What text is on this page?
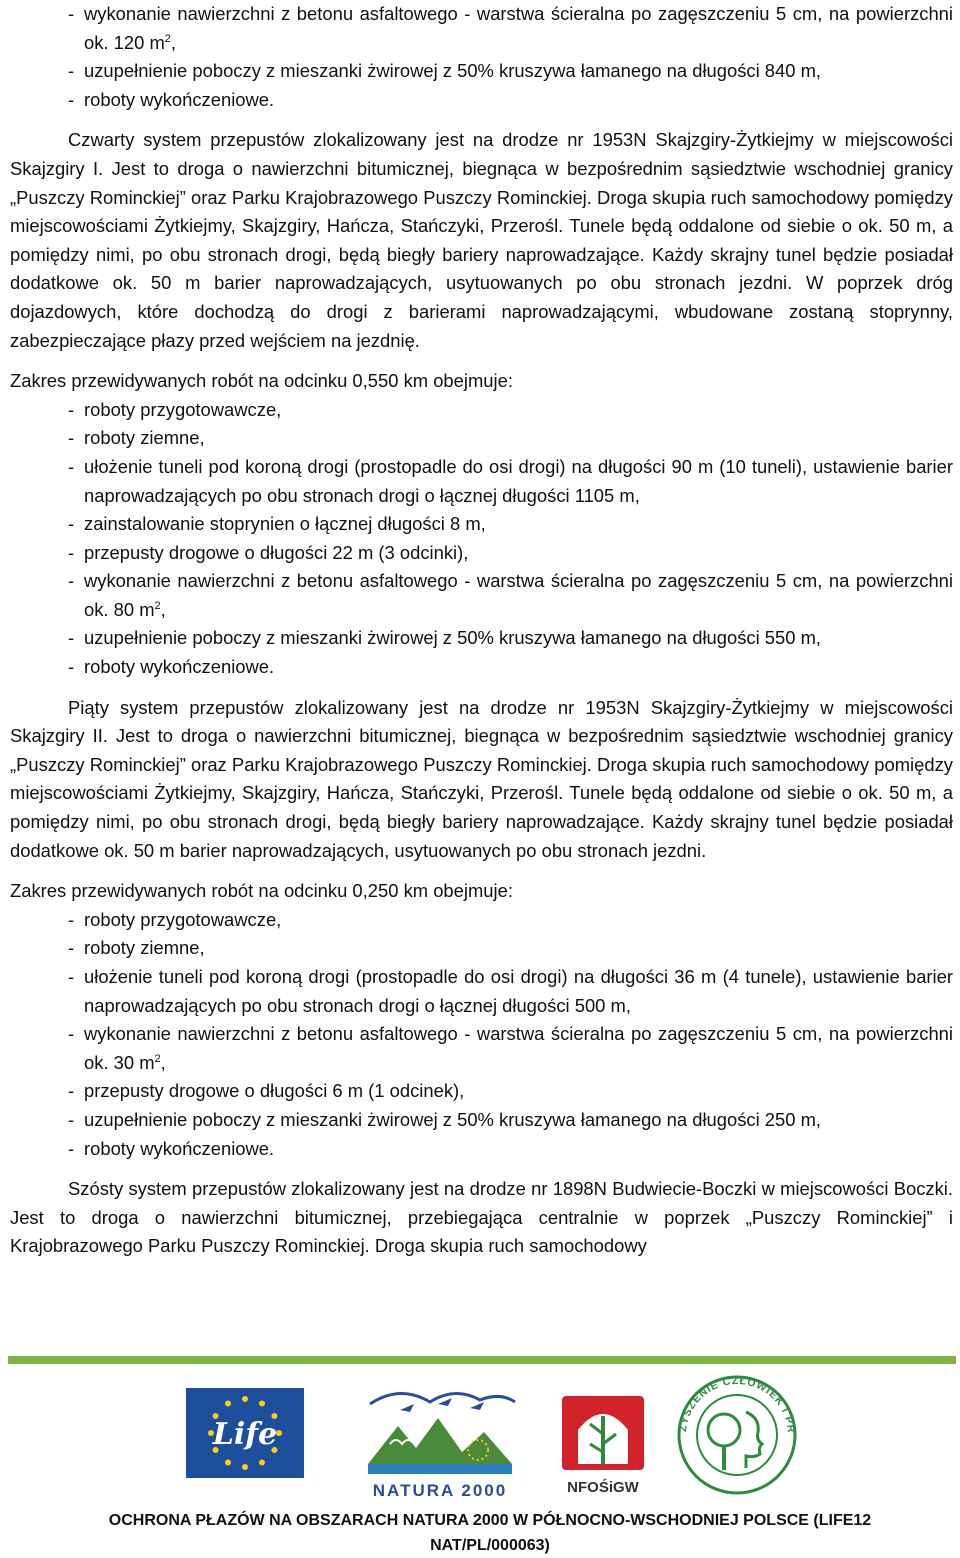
- wykonanie nawierzchni z betonu asfaltowego - warstwa ścieralna po zagęszczeniu 5 cm, na powierzchni ok. 120 $m^2$,
- uzupełnienie poboczy z mieszanki żwirowej z 50% kruszywa łamanego na długości 840 m,
- roboty wykończeniowe.

Czwarty system przepustów zlokalizowany jest na drodze nr 1953N Skajzgiry-Żytkiejmy w miejscowości Skajzgiry I. Jest to droga o nawierzchni bitumicznej, biegnąca w bezpośrednim sąsiedztwie wschodniej granicy „Puszczy Rominckiej” oraz Parku Krajobrazowego Puszczy Rominckiej. Droga skupia ruch samochodowy pomiędzy miejscowościami Żytkiejmy, Skajzgiry, Hańcza, Stańczyki, Przerośl. Tunele będą oddalone od siebie o ok. 50 m, a pomiędzy nimi, po obu stronach drogi, będą biegły bariery naprowadzające. Każdy skrajny tunel będzie posiadał dodatkowe ok. 50 m barier naprowadzających, usytuowanych po obu stronach jezdni. W poprzek dróg dojazdowych, które dochodzą do drogi z barierami naprowadzającymi, wbudowane zostaną stoprynny, zabezpieczające płazy przed wejściem na jezdnię.

Zakres przewidywanych robót na odcinku 0,550 km obejmuje:

- roboty przygotowawcze,
- roboty ziemne,
- ułożenie tuneli pod koroną drogi (prostopadle do osi drogi) na długości 90 m (10 tuneli), ustawienie barier naprowadzających po obu stronach drogi o łącznej długości 1105 m,
- zainstalowanie stoprynien o łącznej długości 8 m,
- przepusty drogowe o długości 22 m (3 odcinki),
- wykonanie nawierzchni z betonu asfaltowego - warstwa ścieralna po zagęszczeniu 5 cm, na powierzchni ok. 80 $m^2$,
- uzupełnienie poboczy z mieszanki żwirowej z 50% kruszywa łamanego na długości 550 m,
- roboty wykończeniowe.

Piąty system przepustów zlokalizowany jest na drodze nr 1953N Skajzgiry-Żytkiejmy w miejscowości Skajzgiry II. Jest to droga o nawierzchni bitumicznej, biegnąca w bezpośrednim sąsiedztwie wschodniej granicy „Puszczy Rominckiej” oraz Parku Krajobrazowego Puszczy Rominckiej. Droga skupia ruch samochodowy pomiędzy miejscowościami Żytkiejmy, Skajzgiry, Hańcza, Stańczyki, Przerośl. Tunele będą oddalone od siebie o ok. 50 m, a pomiędzy nimi, po obu stronach drogi, będą biegły bariery naprowadzające. Każdy skrajny tunel będzie posiadał dodatkowe ok. 50 m barier naprowadzających, usytuowanych po obu stronach jezdni.

Zakres przewidywanych robót na odcinku 0,250 km obejmuje:

- roboty przygotowawcze,
- roboty ziemne,
- ułożenie tuneli pod koroną drogi (prostopadle do osi drogi) na długości 36 m (4 tunele), ustawienie barier naprowadzających po obu stronach drogi o łącznej długości 500 m,
- wykonanie nawierzchni z betonu asfaltowego - warstwa ścieralna po zagęszczeniu 5 cm, na powierzchni ok. 30 $m^2$,
- przepusty drogowe o długości 6 m (1 odcinek),
- uzupełnienie poboczy z mieszanki żwirowej z 50% kruszywa łamanego na długości 250 m,
- roboty wykończeniowe.

Szósty system przepustów zlokalizowany jest na drodze nr 1898N Budwiecie-Boczki w miejscowości Boczki. Jest to droga o nawierzchni bitumicznej, przebiegająca centralnie w poprzek „Puszczy Rominckiej” i Krajobrazowego Parku Puszczy Rominckiej. Droga skupia ruch samochodowy

Life
NATURA 2000	NFOŚiGW
ZYSZENIE CZŁOWIEK I PR
OCHRONA PŁAZÓW NA OBSZARACH NATURA 2000 W PÓŁNOCNO-WSCHODNIEJ POLSCE (LIFE12 NAT/PL/000063)
